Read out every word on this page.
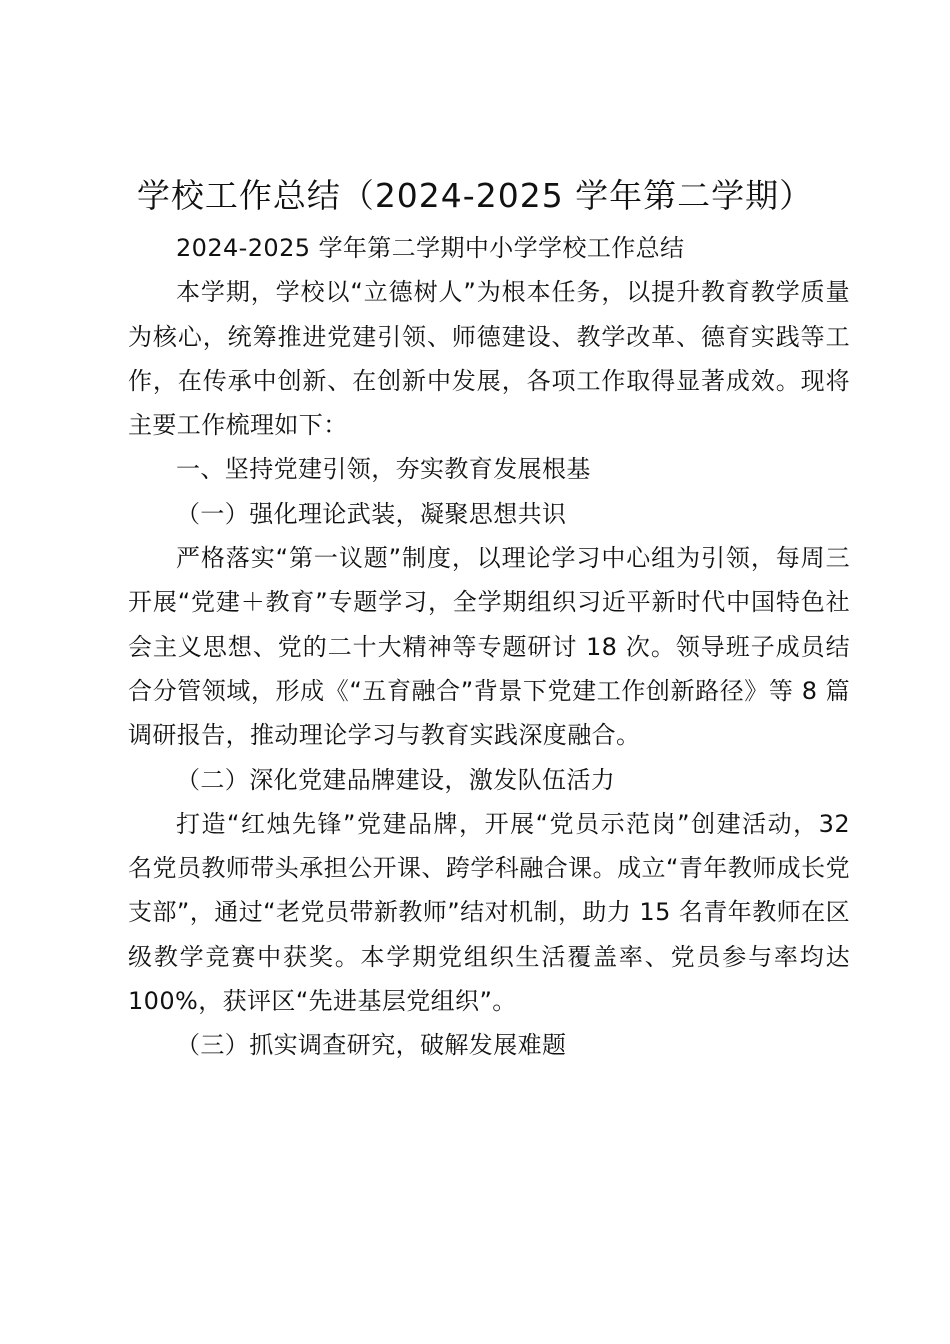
学校工作总结（2024-2025 学年第二学期）

2024-2025 学年第二学期中小学学校工作总结

本学期，学校以“立德树人”为根本任务，以提升教育教学质量为核心，统筹推进党建引领、师德建设、教学改革、德育实践等工作，在传承中创新、在创新中发展，各项工作取得显著成效。现将主要工作梳理如下：

一、坚持党建引领，夯实教育发展根基

（一）强化理论武装，凝聚思想共识

严格落实“第一议题”制度，以理论学习中心组为引领，每周三开展“党建＋教育”专题学习，全学期组织习近平新时代中国特色社会主义思想、党的二十大精神等专题研讨 18 次。领导班子成员结合分管领域，形成《“五育融合”背景下党建工作创新路径》等 8 篇调研报告，推动理论学习与教育实践深度融合。

（二）深化党建品牌建设，激发队伍活力

打造“红烛先锋”党建品牌，开展“党员示范岗”创建活动，32 名党员教师带头承担公开课、跨学科融合课。成立“青年教师成长党支部”，通过“老党员带新教师”结对机制，助力 15 名青年教师在区级教学竞赛中获奖。本学期党组织生活覆盖率、党员参与率均达 100%，获评区“先进基层党组织”。

（三）抓实调查研究，破解发展难题
